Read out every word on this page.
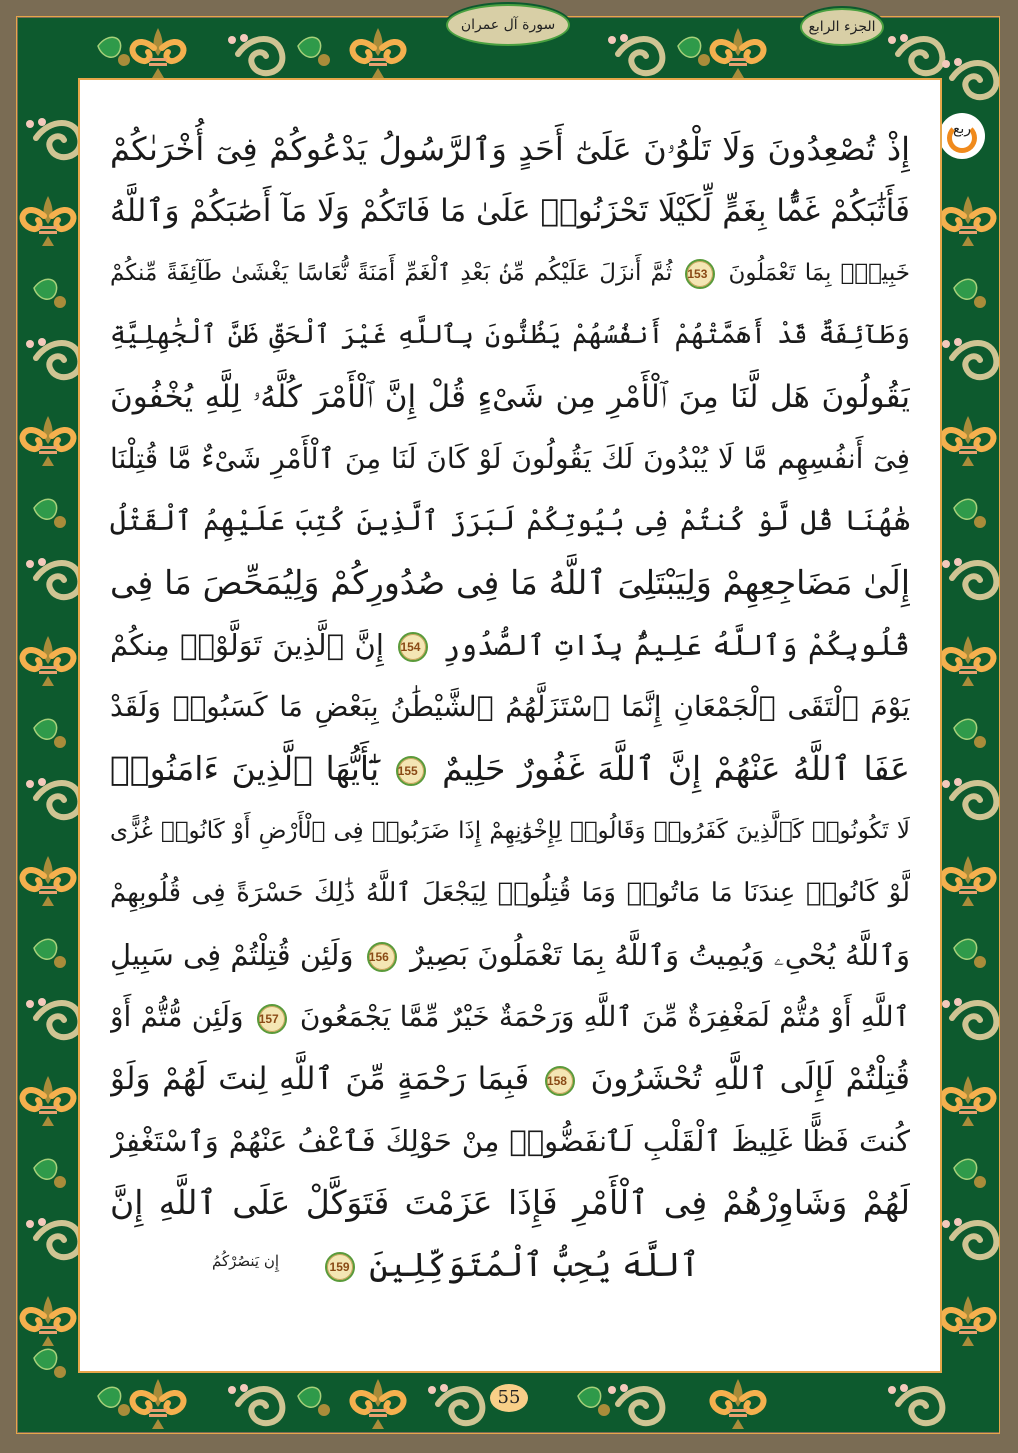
الجزء الرابع
سورة آل عمران
ربع
إِذْ تُصْعِدُونَ وَلَا تَلْوُۥنَ عَلَىٰٓ أَحَدٍ وَٱلرَّسُولُ يَدْعُوكُمْ فِىٓ أُخْرَىٰكُمْ
فَأَثَٰبَكُمْ غَمًّۢا بِغَمٍّ لِّكَيْلَا تَحْزَنُوا۟ عَلَىٰ مَا فَاتَكُمْ وَلَا مَآ أَصَٰبَكُمْ وَٱللَّهُ
خَبِيرٌۢ بِمَا تَعْمَلُونَ 153 ثُمَّ أَنزَلَ عَلَيْكُم مِّنۢ بَعْدِ ٱلْغَمِّ أَمَنَةً نُّعَاسًا يَغْشَىٰ طَآئِفَةً مِّنكُمْ
وَطَآئِفَةٌ قَدْ أَهَمَّتْهُمْ أَنفُسُهُمْ يَظُنُّونَ بِٱللَّهِ غَيْرَ ٱلْحَقِّ ظَنَّ ٱلْجَٰهِلِيَّةِ
يَقُولُونَ هَل لَّنَا مِنَ ٱلْأَمْرِ مِن شَىْءٍ قُلْ إِنَّ ٱلْأَمْرَ كُلَّهُۥ لِلَّهِ يُخْفُونَ
فِىٓ أَنفُسِهِم مَّا لَا يُبْدُونَ لَكَ يَقُولُونَ لَوْ كَانَ لَنَا مِنَ ٱلْأَمْرِ شَىْءٌ مَّا قُتِلْنَا
هَٰهُنَا قُل لَّوْ كُنتُمْ فِى بُيُوتِكُمْ لَبَرَزَ ٱلَّذِينَ كُتِبَ عَلَيْهِمُ ٱلْقَتْلُ
إِلَىٰ مَضَاجِعِهِمْ وَلِيَبْتَلِىَ ٱللَّهُ مَا فِى صُدُورِكُمْ وَلِيُمَحِّصَ مَا فِى
قُلُوبِكُمْ وَٱللَّهُ عَلِيمٌۢ بِذَاتِ ٱلصُّدُورِ 154 إِنَّ ٱلَّذِينَ تَوَلَّوْا۟ مِنكُمْ
يَوْمَ ٱلْتَقَى ٱلْجَمْعَانِ إِنَّمَا ٱسْتَزَلَّهُمُ ٱلشَّيْطَٰنُ بِبَعْضِ مَا كَسَبُوا۟ وَلَقَدْ
عَفَا ٱللَّهُ عَنْهُمْ إِنَّ ٱللَّهَ غَفُورٌ حَلِيمٌ 155 يَٰٓأَيُّهَا ٱلَّذِينَ ءَامَنُوا۟
لَا تَكُونُوا۟ كَٱلَّذِينَ كَفَرُوا۟ وَقَالُوا۟ لِإِخْوَٰنِهِمْ إِذَا ضَرَبُوا۟ فِى ٱلْأَرْضِ أَوْ كَانُوا۟ غُزًّى
لَّوْ كَانُوا۟ عِندَنَا مَا مَاتُوا۟ وَمَا قُتِلُوا۟ لِيَجْعَلَ ٱللَّهُ ذَٰلِكَ حَسْرَةً فِى قُلُوبِهِمْ
وَٱللَّهُ يُحْىِۦ وَيُمِيتُ وَٱللَّهُ بِمَا تَعْمَلُونَ بَصِيرٌ 156 وَلَئِن قُتِلْتُمْ فِى سَبِيلِ
ٱللَّهِ أَوْ مُتُّمْ لَمَغْفِرَةٌ مِّنَ ٱللَّهِ وَرَحْمَةٌ خَيْرٌ مِّمَّا يَجْمَعُونَ 157 وَلَئِن مُّتُّمْ أَوْ
قُتِلْتُمْ لَإِلَى ٱللَّهِ تُحْشَرُونَ 158 فَبِمَا رَحْمَةٍ مِّنَ ٱللَّهِ لِنتَ لَهُمْ وَلَوْ
كُنتَ فَظًّا غَلِيظَ ٱلْقَلْبِ لَٱنفَضُّوا۟ مِنْ حَوْلِكَ فَٱعْفُ عَنْهُمْ وَٱسْتَغْفِرْ
لَهُمْ وَشَاوِرْهُمْ فِى ٱلْأَمْرِ فَإِذَا عَزَمْتَ فَتَوَكَّلْ عَلَى ٱللَّهِ إِنَّ
ٱللَّهَ يُحِبُّ ٱلْمُتَوَكِّلِينَ 159
إِن يَنصُرْكُمُ
55
